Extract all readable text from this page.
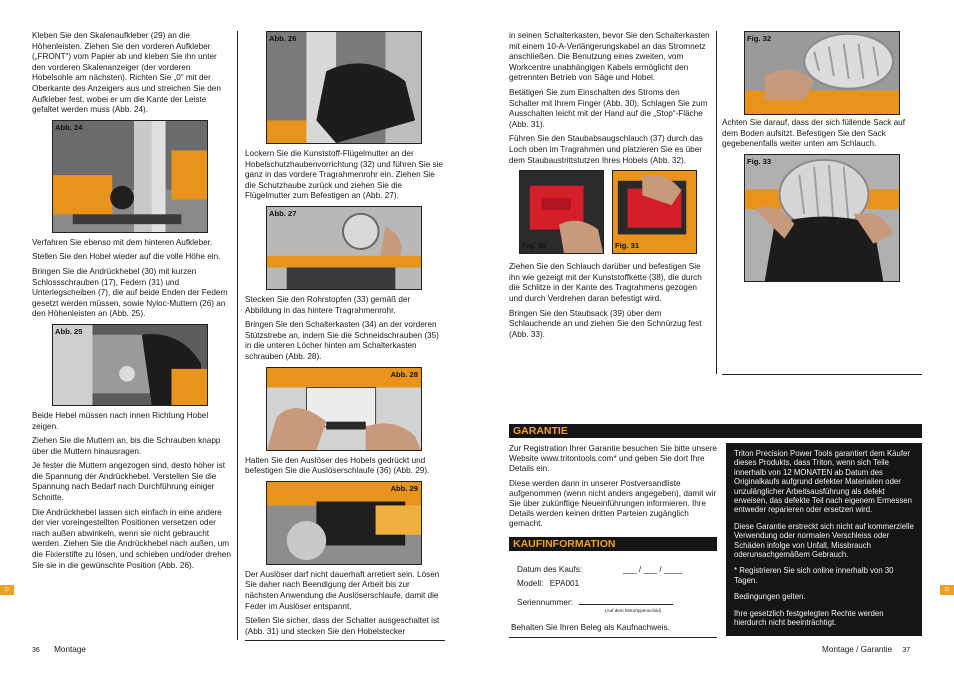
Kleben Sie den Skalenaufkleber (29) an die Höhenleisten. Ziehen Sie den vorderen Aufkleber („FRONT“) vom Papier ab und kleben Sie ihn unter den vorderen Skalenanzeiger (der vorderen Hobelsohle am nächsten). Richten Sie „0“ mit der Oberkante des Anzeigers aus und streichen Sie den Aufkleber fest, wobei er um die Kante der Leiste gefaltet werden muss (Abb. 24).

Abb. 24

Verfahren Sie ebenso mit dem hinteren Aufkleber.

Stellen Sie den Hobel wieder auf die volle Höhe ein.

Bringen Sie die Andrückhebel (30) mit kurzen Schlossschrauben (17), Federn (31) und Unterlegscheiben (7), die auf beide Enden der Federn gesetzt werden müssen, sowie Nyloc-Muttern (26) an den Höhenleisten an (Abb. 25).

Abb. 25

Beide Hebel müssen nach innen Richtung Hobel zeigen.

Ziehen Sie die Muttern an, bis die Schrauben knapp über die Muttern hinausragen.

Je fester die Muttern angezogen sind, desto höher ist die Spannung der Andrückhebel. Verstellen Sie die Spannung nach Bedarf nach Durchführung einiger Schnitte.

Die Andrückhebel lassen sich einfach in eine andere der vier voreingestellten Positionen versetzen oder nach außen abwinkeln, wenn sie nicht gebraucht werden. Ziehen Sie die Andrückhebel nach außen, um die Fixierstifte zu lösen, und schieben und/oder drehen Sie sie in die gewünschte Position (Abb. 26).

Abb. 26

Lockern Sie die Kunststoff-Flügelmutter an der Hobelschutzhaubenvorrichtung (32) und führen Sie sie ganz in das vordere Tragrahmenrohr ein. Ziehen Sie die Schutzhaube zurück und ziehen Sie die Flügelmutter zum Befestigen an (Abb. 27).

Abb. 27

Stecken Sie den Rohrstopfen (33) gemäß der Abbildung in das hintere Tragrahmenrohr.

Bringen Sie den Schalterkasten (34) an der vorderen Stützstrebe an, indem Sie die Schneidschrauben (35) in die unteren Löcher hinten am Schalterkasten schrauben (Abb. 28).

Abb. 28

Halten Sie den Auslöser des Hobels gedrückt und befestigen Sie die Auslöserschlaufe (36) (Abb. 29).

Abb. 29

Der Auslöser darf nicht dauerhaft arretiert sein. Lösen Sie daher nach Beendigung der Arbeit bis zur nächsten Anwendung die Auslöserschlaufe, damit die Feder im Auslöser entspannt.

Stellen Sie sicher, dass der Schalter ausgeschaltet ist (Abb. 31) und stecken Sie den Hobelstecker

D
36 Montage

in seinen Schalterkasten, bevor Sie den Schalterkasten mit einem 10-A-Verlängerungskabel an das Stromnetz anschließen. Die Benutzung eines zweiten, vom Workcentre unabhängigen Kabels ermöglicht den getrennten Betrieb von Säge und Hobel.

Betätigen Sie zum Einschalten des Stroms den Schalter mit Ihrem Finger (Abb. 30). Schlagen Sie zum Ausschalten leicht mit der Hand auf die „Stop“-Fläche (Abb. 31).

Führen Sie den Staubabsaugschlauch (37) durch das Loch oben im Tragrahmen und platzieren Sie es über dem Staubaustrittstutzen Ihres Hobels (Abb. 32).

Fig. 30	Fig. 31

Ziehen Sie den Schlauch darüber und befestigen Sie ihn wie gezeigt mit der Kunststoffkette (38), die durch die Schlitze in der Kante des Tragrahmens gezogen und durch Verdrehen daran befestigt wird.

Bringen Sie den Staubsack (39) über dem Schlauchende an und ziehen Sie den Schnürzug fest (Abb. 33).

Fig. 32

Achten Sie darauf, dass der sich füllende Sack auf dem Boden aufsitzt. Befestigen Sie den Sack gegebenenfalls weiter unten am Schlauch.

Fig. 33
GARANTIE

Zur Registration Ihrer Garantie besuchen Sie bitte unsere Website www.tritontools.com* und geben Sie dort Ihre Details ein.

Diese werden dann in unserer Postversandliste aufgenommen (wenn nicht anders angegeben), damit wir Sie über zukünftige Neueinführungen informieren. Ihre Details werden keinen dritten Parteien zugänglich gemacht.

KAUFINFORMATION
Datum des Kaufs:	___ / ___ / ____
Modell: EPA001
Seriennummer:
(Auf dem Motortypenschild)
Behalten Sie Ihren Beleg als Kaufnachweis.

Triton Precision Power Tools garantiert dem Käufer dieses Produkts, dass Triton, wenn sich Teile innerhalb von 12 MONATEN ab Datum des Originalkaufs aufgrund defekter Materialien oder unzulänglicher Arbeitsausführung als defekt erweisen, das defekte Teil nach eigenem Ermessen entweder reparieren oder ersetzen wird.

Diese Garantie erstreckt sich nicht auf kommerzielle Verwendung oder normalen Verschleiss oder Schäden infolge von Unfall, Missbrauch oderunsachgemäßem Gebrauch.

* Registrieren Sie sich online innerhalb von 30 Tagen.

Bedingungen gelten.

Ihre gesetzlich festgelegten Rechte werden hierdurch nicht beeinträchtigt.

D
Montage / Garantie 37
